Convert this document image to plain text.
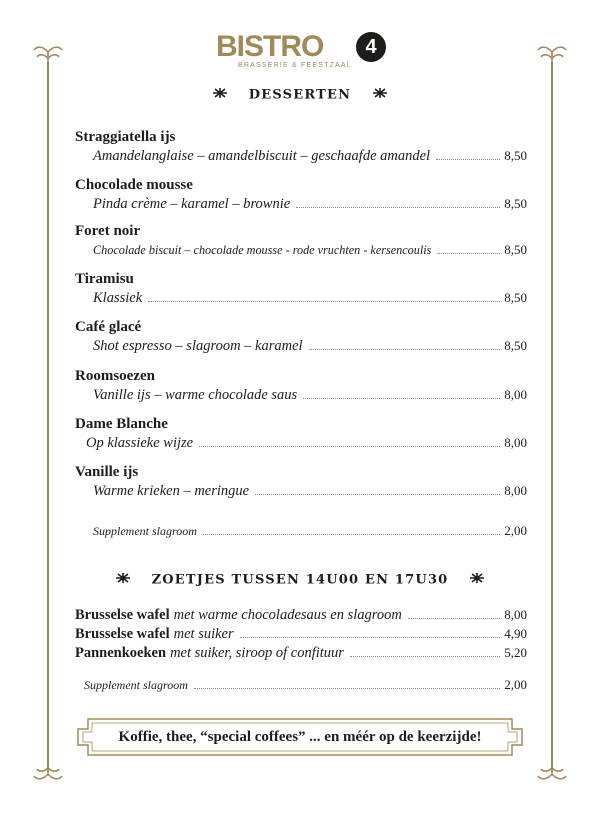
BISTRO	4
BRASSERIE & FEESTZAAL
DESSERTEN
Straggiatella ijs
Amandelanglaise – amandelbiscuit – geschaafde amandel	8,50
Chocolade mousse
Pinda crème – karamel – brownie	8,50
Foret noir
Chocolade biscuit – chocolade mousse - rode vruchten - kersencoulis	8,50
Tiramisu
Klassiek	8,50
Café glacé
Shot espresso – slagroom – karamel	8,50
Roomsoezen
Vanille ijs – warme chocolade saus	8,00
Dame Blanche
Op klassieke wijze	8,00
Vanille ijs
Warme krieken – meringue	8,00
Supplement slagroom	2,00
ZOETJES TUSSEN 14U00 EN 17U30
Brusselse wafel met warme chocoladesaus en slagroom	8,00
Brusselse wafel met suiker	4,90
Pannenkoeken met suiker, siroop of confituur	5,20
Supplement slagroom	2,00
Koffie, thee, “special coffees” ... en méér op de keerzijde!
